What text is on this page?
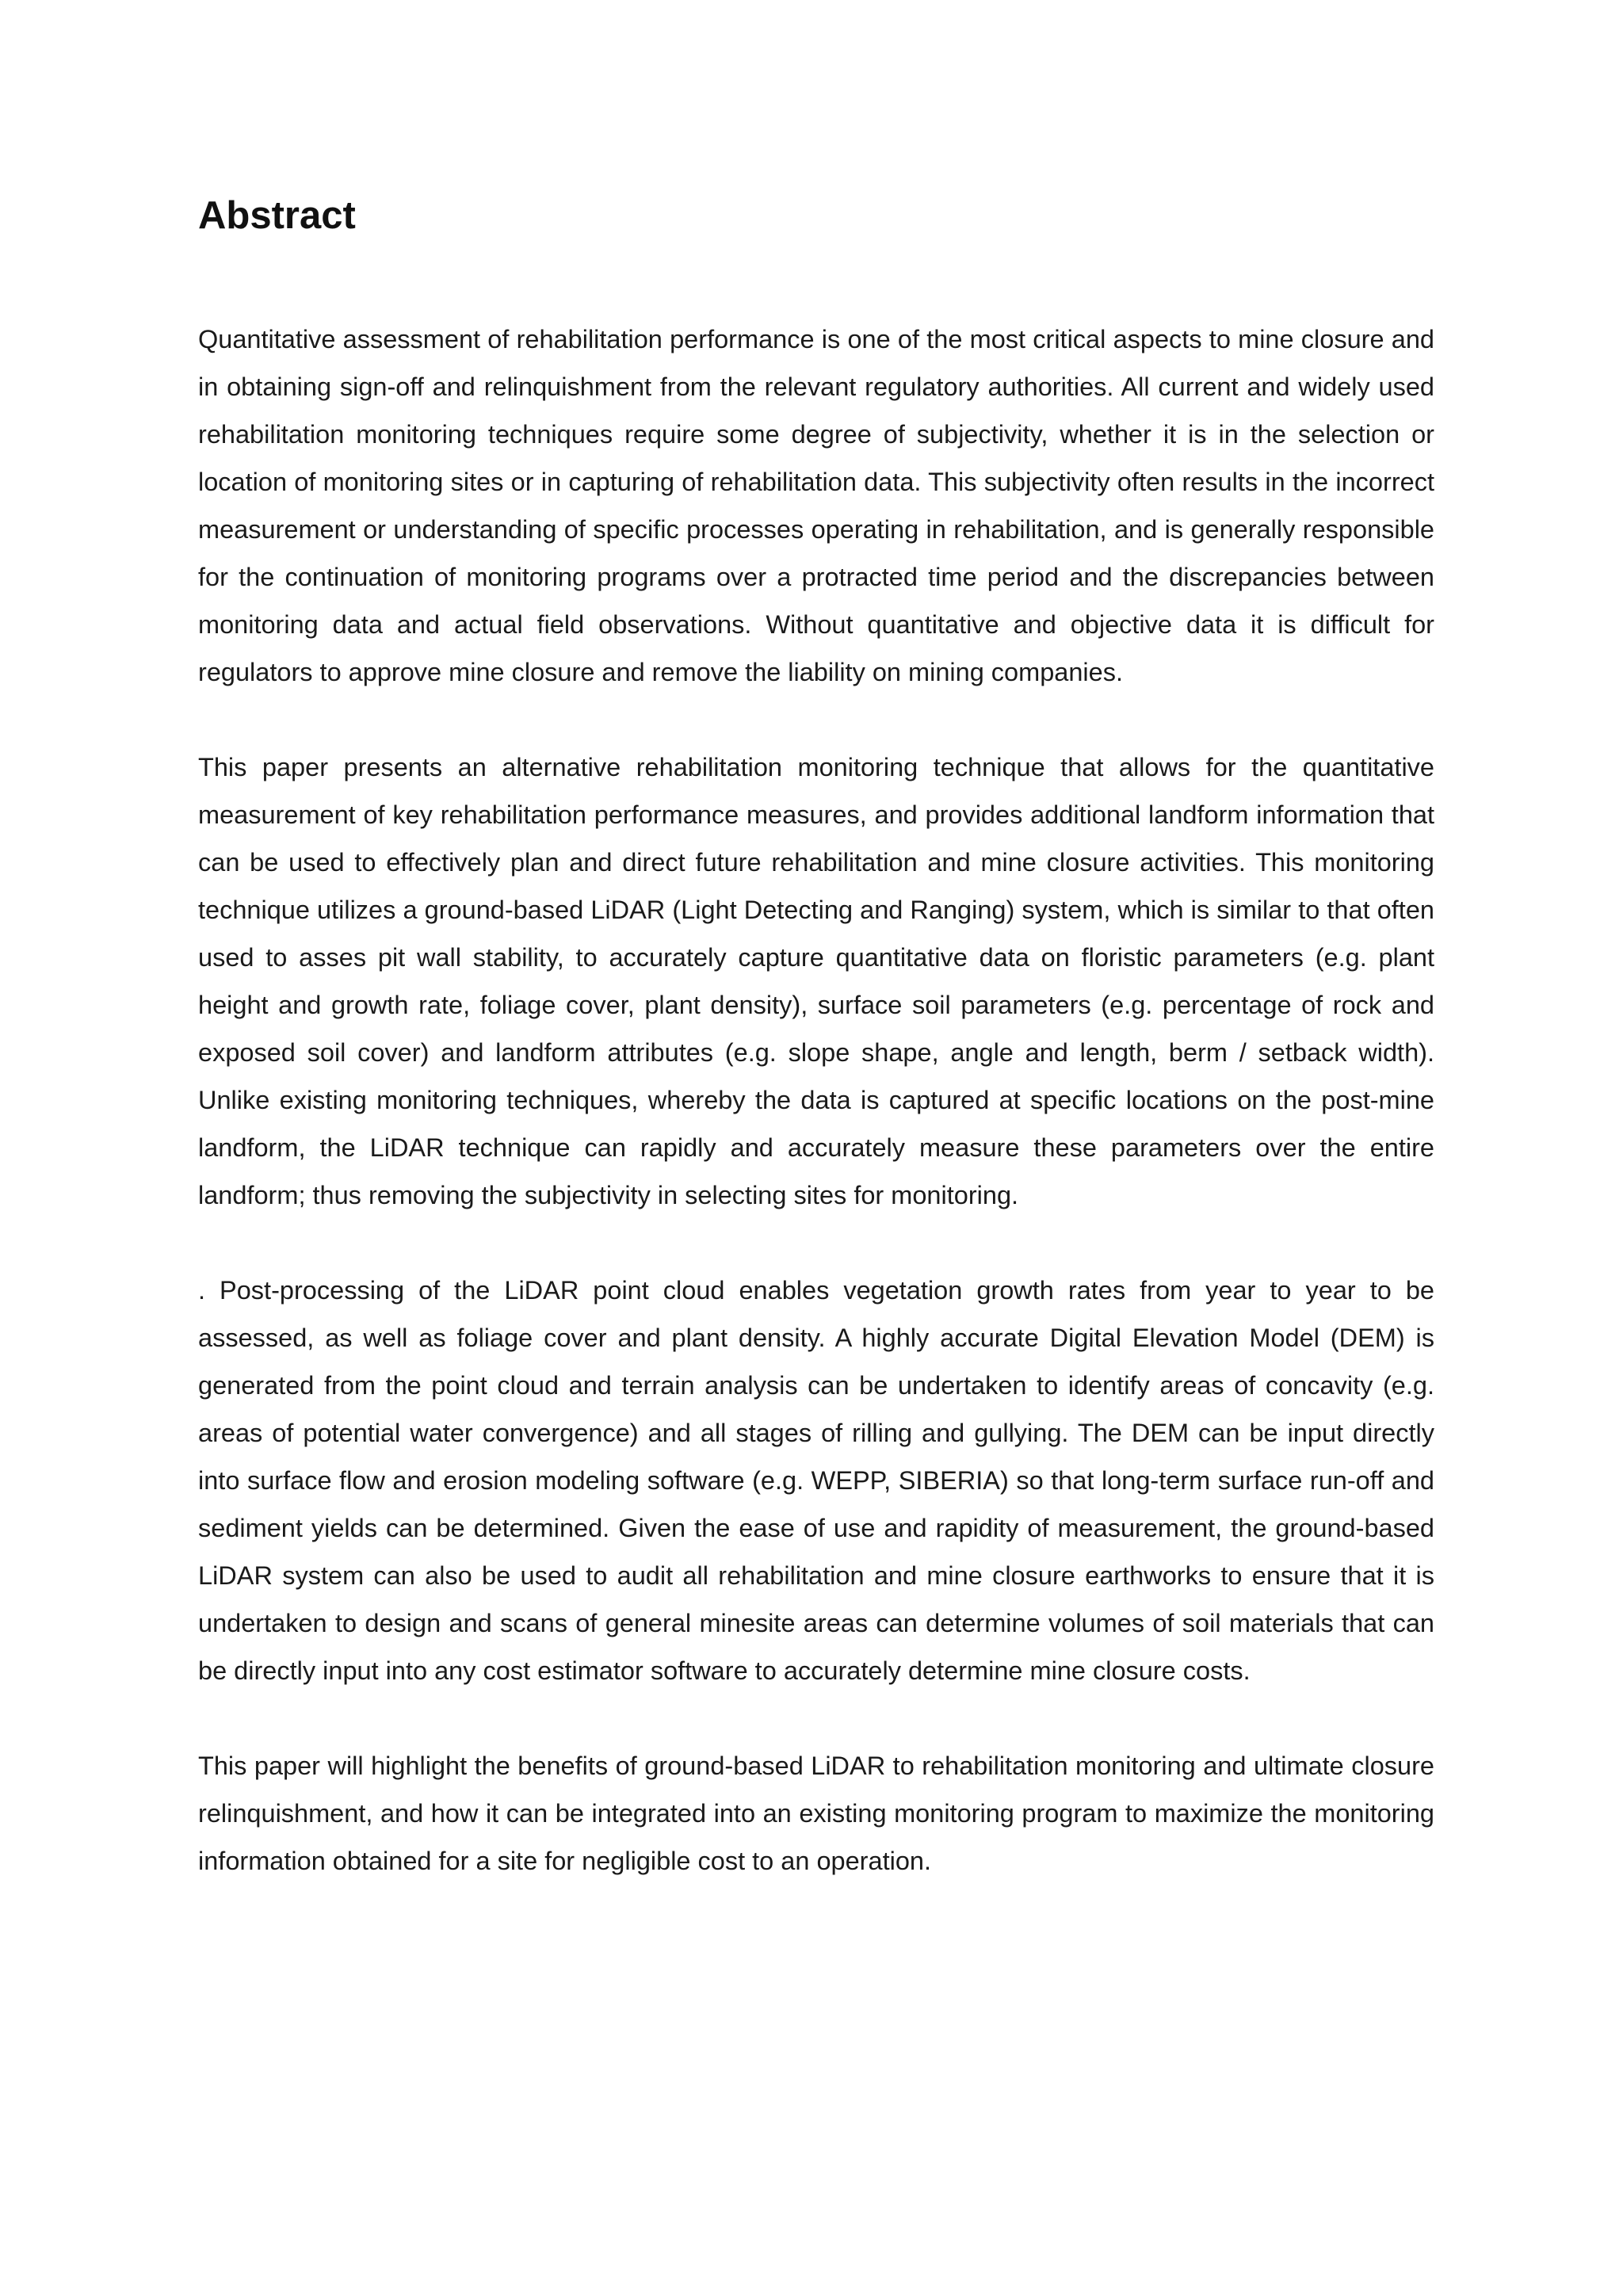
Abstract

Quantitative assessment of rehabilitation performance is one of the most critical aspects to mine closure and in obtaining sign-off and relinquishment from the relevant regulatory authorities. All current and widely used rehabilitation monitoring techniques require some degree of subjectivity, whether it is in the selection or location of monitoring sites or in capturing of rehabilitation data. This subjectivity often results in the incorrect measurement or understanding of specific processes operating in rehabilitation, and is generally responsible for the continuation of monitoring programs over a protracted time period and the discrepancies between monitoring data and actual field observations. Without quantitative and objective data it is difficult for regulators to approve mine closure and remove the liability on mining companies.

This paper presents an alternative rehabilitation monitoring technique that allows for the quantitative measurement of key rehabilitation performance measures, and provides additional landform information that can be used to effectively plan and direct future rehabilitation and mine closure activities. This monitoring technique utilizes a ground-based LiDAR (Light Detecting and Ranging) system, which is similar to that often used to asses pit wall stability, to accurately capture quantitative data on floristic parameters (e.g. plant height and growth rate, foliage cover, plant density), surface soil parameters (e.g. percentage of rock and exposed soil cover) and landform attributes (e.g. slope shape, angle and length, berm / setback width). Unlike existing monitoring techniques, whereby the data is captured at specific locations on the post-mine landform, the LiDAR technique can rapidly and accurately measure these parameters over the entire landform; thus removing the subjectivity in selecting sites for monitoring.

. Post-processing of the LiDAR point cloud enables vegetation growth rates from year to year to be assessed, as well as foliage cover and plant density. A highly accurate Digital Elevation Model (DEM) is generated from the point cloud and terrain analysis can be undertaken to identify areas of concavity (e.g. areas of potential water convergence) and all stages of rilling and gullying. The DEM can be input directly into surface flow and erosion modeling software (e.g. WEPP, SIBERIA) so that long-term surface run-off and sediment yields can be determined. Given the ease of use and rapidity of measurement, the ground-based LiDAR system can also be used to audit all rehabilitation and mine closure earthworks to ensure that it is undertaken to design and scans of general minesite areas can determine volumes of soil materials that can be directly input into any cost estimator software to accurately determine mine closure costs.

This paper will highlight the benefits of ground-based LiDAR to rehabilitation monitoring and ultimate closure relinquishment, and how it can be integrated into an existing monitoring program to maximize the monitoring information obtained for a site for negligible cost to an operation.
